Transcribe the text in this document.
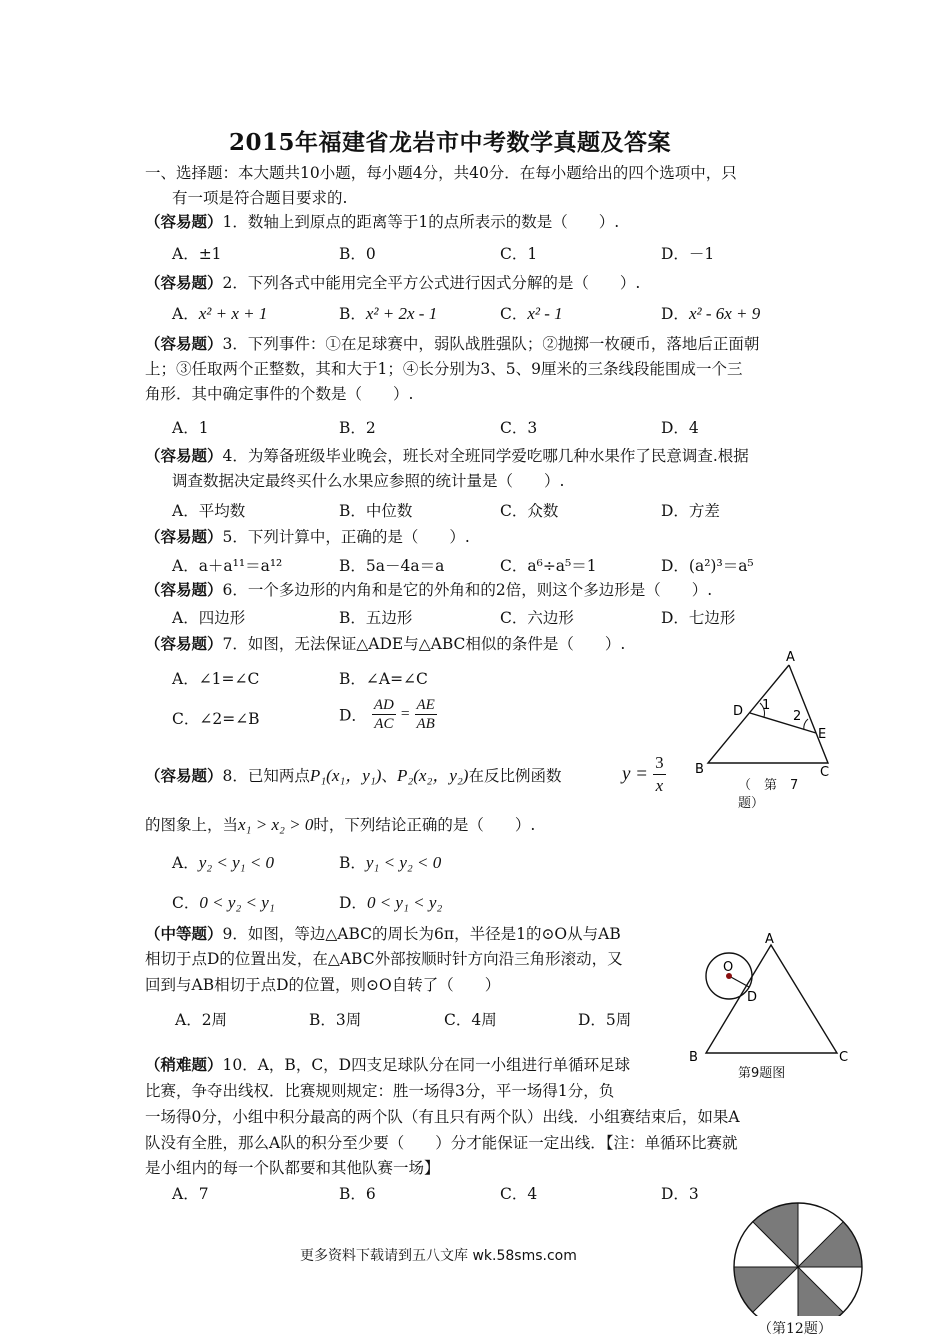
2015年福建省龙岩市中考数学真题及答案
一、选择题：本大题共10小题，每小题4分，共40分．在每小题给出的四个选项中，只
有一项是符合题目要求的.
（容易题）1．数轴上到原点的距离等于1的点所表示的数是（　　）.
A．±1	B．0	C．1	D．－1
（容易题）2．下列各式中能用完全平方公式进行因式分解的是（　　）.
A．x² + x + 1	B．x² + 2x - 1	C．x² - 1	D．x² - 6x + 9
（容易题）3．下列事件：①在足球赛中，弱队战胜强队；②抛掷一枚硬币，落地后正面朝
上；③任取两个正整数，其和大于1；④长分别为3、5、9厘米的三条线段能围成一个三
角形．其中确定事件的个数是（　　）.
A．1	B．2	C．3	D．4
（容易题）4．为筹备班级毕业晚会，班长对全班同学爱吃哪几种水果作了民意调查.根据
调查数据决定最终买什么水果应参照的统计量是（　　）.
A．平均数	B．中位数	C．众数	D．方差
（容易题）5．下列计算中，正确的是（　　）.
A．a＋a¹¹＝a¹²	B．5a－4a＝a	C．a⁶÷a⁵＝1	D．(a²)³＝a⁵
（容易题）6．一个多边形的内角和是它的外角和的2倍，则这个多边形是（　　）.
A．四边形	B．五边形	C．六边形	D．七边形
（容易题）7．如图，无法保证△ADE与△ABC相似的条件是（　　）.
A．∠1=∠C	B．∠A=∠C
C．∠2=∠B	D． $\frac{AD}{AC} = \frac{AE}{AB}$
A
B	C
D
E
1
2
（　第　7
题）
（容易题）8．已知两点P₁(x₁，y₁)、P₂(x₂，y₂)在反比例函数	$y = \frac{3}{x}$
的图象上，当x₁ > x₂ > 0时，下列结论正确的是（　　）.
A．y₂ < y₁ < 0	B．y₁ < y₂ < 0
C．0 < y₂ < y₁	D．0 < y₁ < y₂
（中等题）9．如图，等边△ABC的周长为6π，半径是1的⊙O从与AB
相切于点D的位置出发，在△ABC外部按顺时针方向沿三角形滚动，又
回到与AB相切于点D的位置，则⊙O自转了（　　）
A．2周	B．3周	C．4周	D．5周
A
B	C
O
D
第9题图
（稍难题）10．A，B，C，D四支足球队分在同一小组进行单循环足球
比赛，争夺出线权．比赛规则规定：胜一场得3分，平一场得1分，负
一场得0分，小组中积分最高的两个队（有且只有两个队）出线．小组赛结束后，如果A
队没有全胜，那么A队的积分至少要（　　）分才能保证一定出线．【注：单循环比赛就
是小组内的每一个队都要和其他队赛一场】
A．7	B．6	C．4	D．3
（第12题）
更多资料下载请到五八文库 wk.58sms.com
